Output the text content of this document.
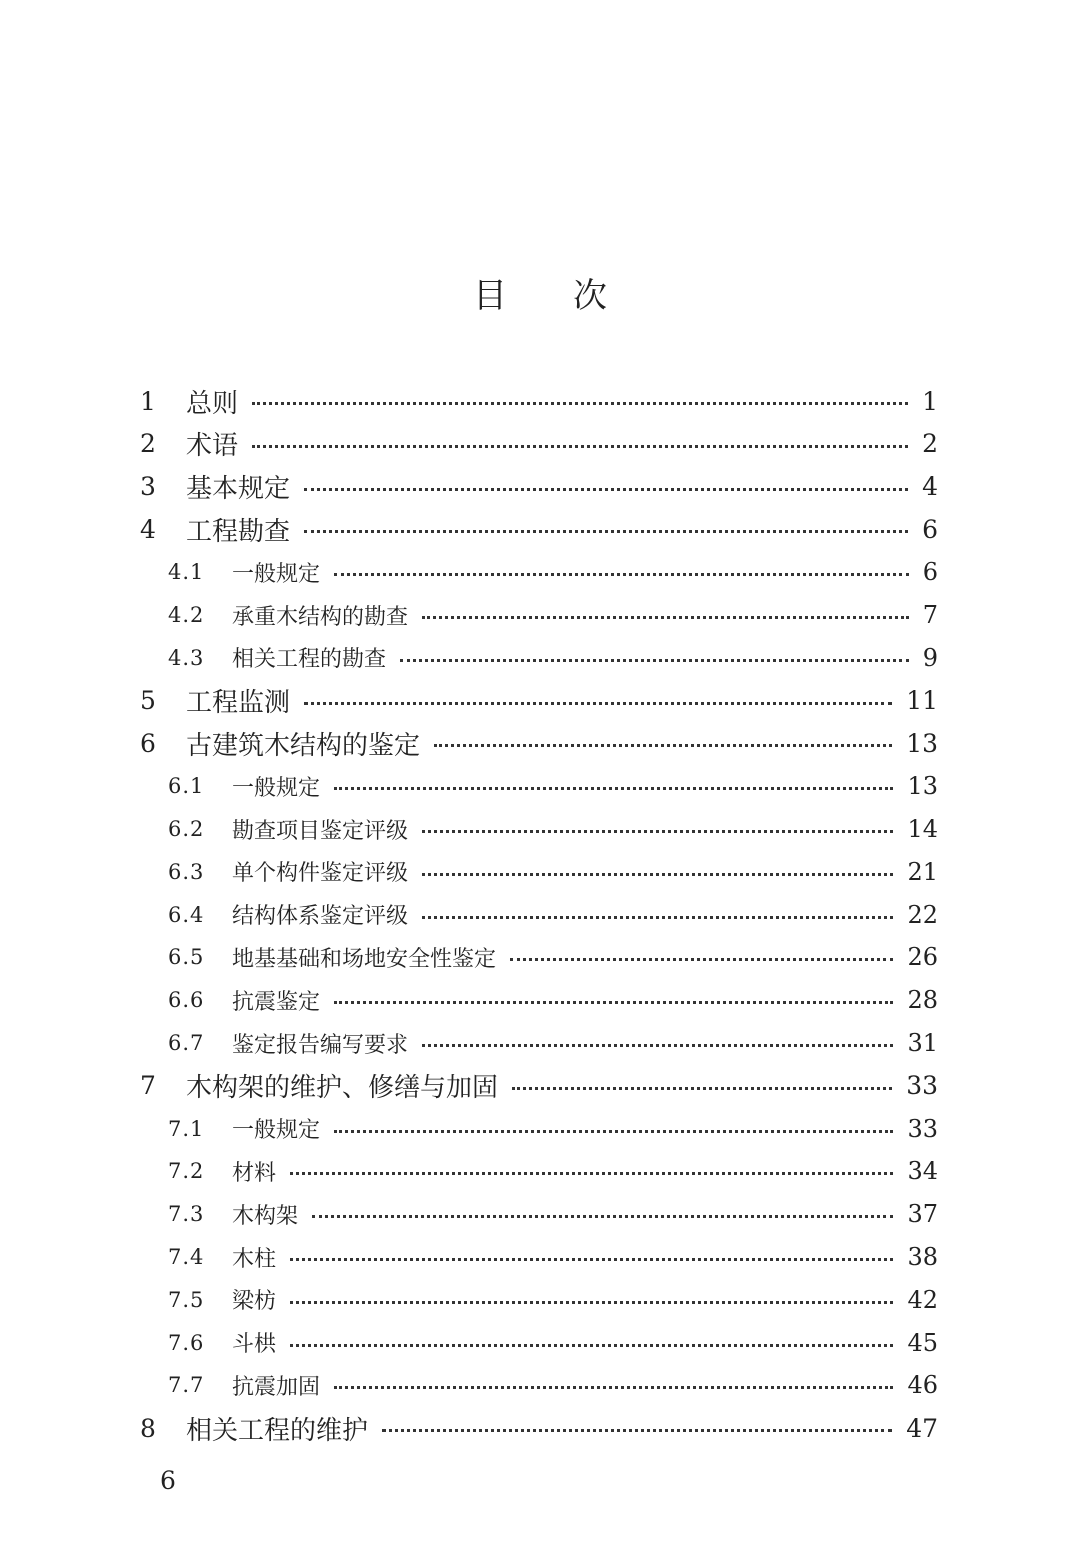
目 次
1 总则	1
2 术语	2
3 基本规定	4
4 工程勘查	6
4.1 一般规定	6
4.2 承重木结构的勘查	7
4.3 相关工程的勘查	9
5 工程监测	11
6 古建筑木结构的鉴定	13
6.1 一般规定	13
6.2 勘查项目鉴定评级	14
6.3 单个构件鉴定评级	21
6.4 结构体系鉴定评级	22
6.5 地基基础和场地安全性鉴定	26
6.6 抗震鉴定	28
6.7 鉴定报告编写要求	31
7 木构架的维护、修缮与加固	33
7.1 一般规定	33
7.2 材料	34
7.3 木构架	37
7.4 木柱	38
7.5 梁枋	42
7.6 斗栱	45
7.7 抗震加固	46
8 相关工程的维护	47
6
